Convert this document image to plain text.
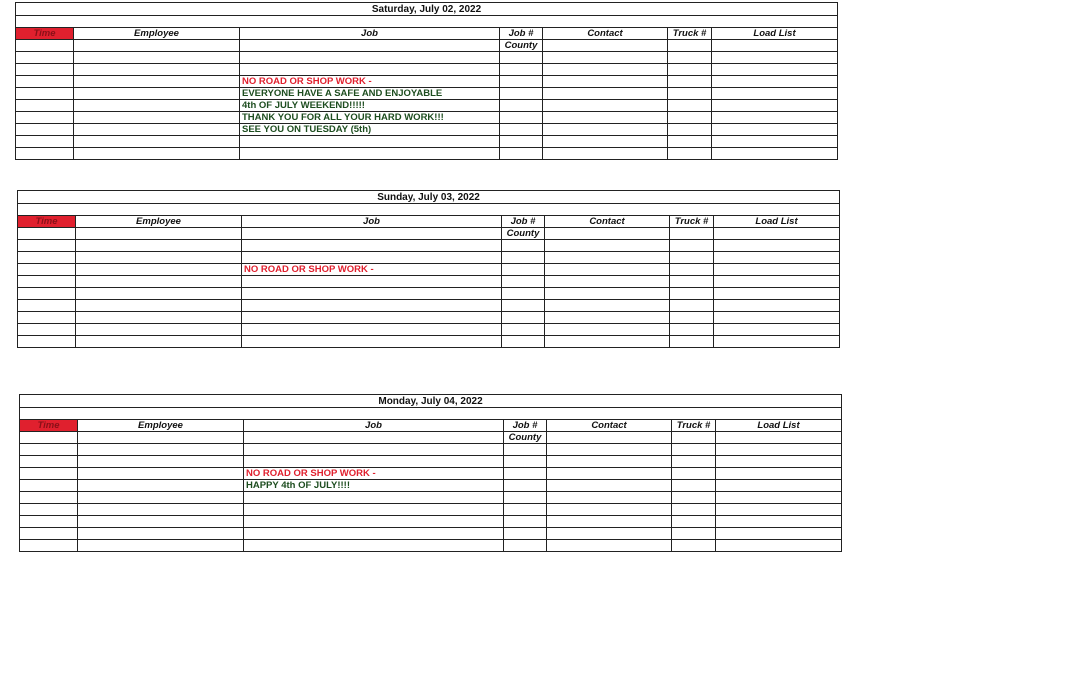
Saturday, July 02, 2022						

Time	Employee	Job	Job #	Contact	Truck #	Load List
			County			

		NO ROAD OR SHOP WORK -				
		EVERYONE HAVE A SAFE AND ENJOYABLE				
		4th OF JULY WEEKEND!!!!!				
		THANK YOU FOR ALL YOUR HARD WORK!!!				
		SEE YOU ON TUESDAY (5th)				

Sunday, July 03, 2022						

Time	Employee	Job	Job #	Contact	Truck #	Load List
			County			

		NO ROAD OR SHOP WORK -				

Monday, July 04, 2022						

Time	Employee	Job	Job #	Contact	Truck #	Load List
			County			

		NO ROAD OR SHOP WORK -				
		HAPPY 4th OF JULY!!!!				
